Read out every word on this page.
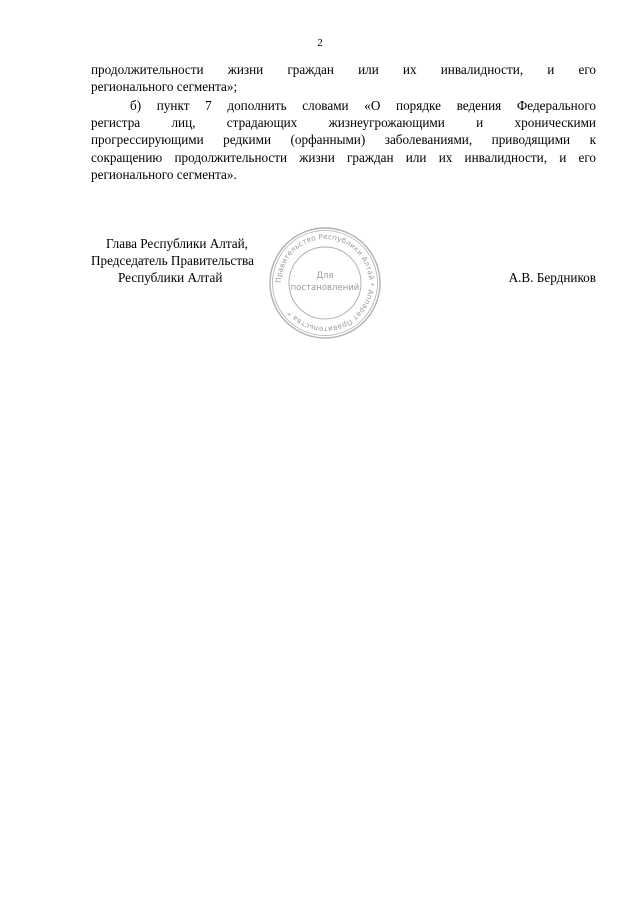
2
продолжительности жизни граждан или их инвалидности, и его
регионального сегмента»;
б) пункт 7 дополнить словами «О порядке ведения Федерального
регистра лиц, страдающих жизнеугрожающими и хроническими
прогрессирующими редкими (орфанными) заболеваниями, приводящими к
сокращению продолжительности жизни граждан или их инвалидности, и его
регионального сегмента».
Глава Республики Алтай,
Председатель Правительства
Республики Алтай	А.В. Бердников
Правительство Республики Алтай * Аппарат Правительства *
Для
постановлений
